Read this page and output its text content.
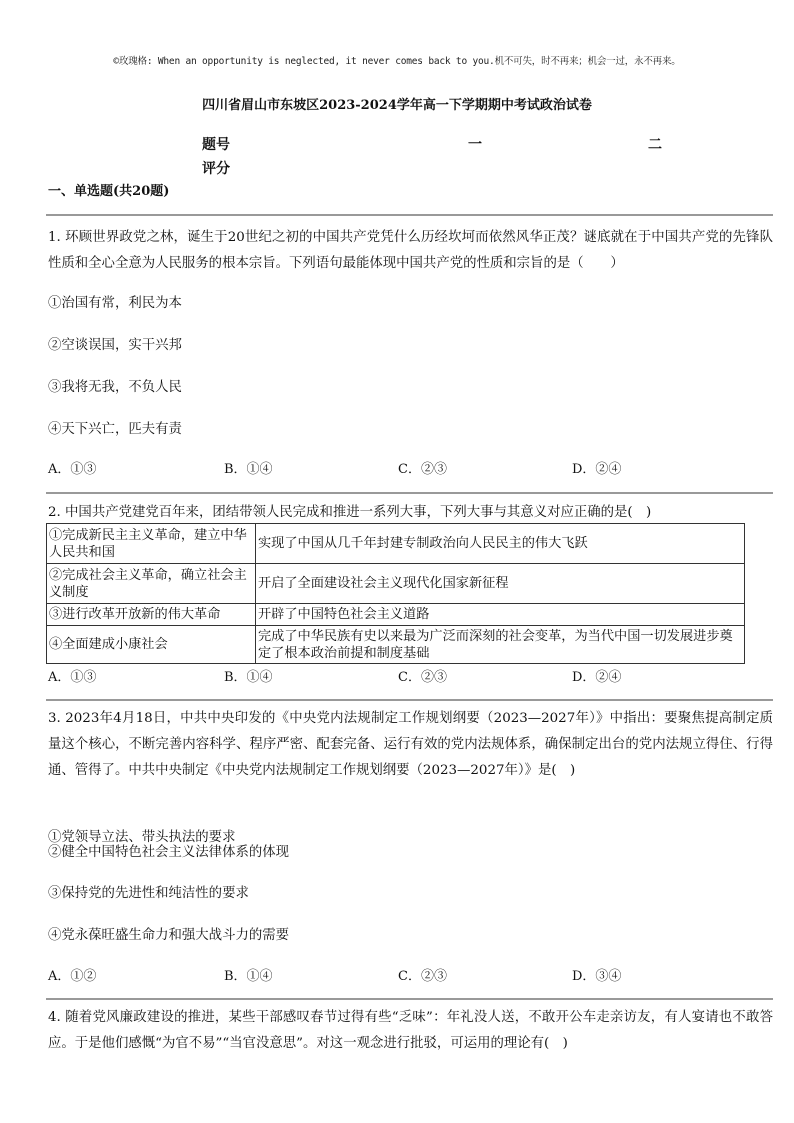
©玫瑰格: When an opportunity is neglected, it never comes back to you.机不可失，时不再来；机会一过，永不再来。
四川省眉山市东坡区2023-2024学年高一下学期期中考试政治试卷
题号	一	二
评分
一、单选题(共20题)
1. 环顾世界政党之林，诞生于20世纪之初的中国共产党凭什么历经坎坷而依然风华正茂？谜底就在于中国共产党的先锋队性质和全心全意为人民服务的根本宗旨。下列语句最能体现中国共产党的性质和宗旨的是（　　）
①治国有常，利民为本
②空谈误国，实干兴邦
③我将无我，不负人民
④天下兴亡，匹夫有责
A．①③	B．①④	C．②③	D．②④
2. 中国共产党建党百年来，团结带领人民完成和推进一系列大事，下列大事与其意义对应正确的是(　)
①完成新民主主义革命，建立中华人民共和国	实现了中国从几千年封建专制政治向人民民主的伟大飞跃
②完成社会主义革命，确立社会主义制度	开启了全面建设社会主义现代化国家新征程
③进行改革开放新的伟大革命	开辟了中国特色社会主义道路
④全面建成小康社会	完成了中华民族有史以来最为广泛而深刻的社会变革，为当代中国一切发展进步奠定了根本政治前提和制度基础
A．①③	B．①④	C．②③	D．②④
3. 2023年4月18日，中共中央印发的《中央党内法规制定工作规划纲要（2023—2027年）》中指出：要聚焦提高制定质量这个核心，不断完善内容科学、程序严密、配套完备、运行有效的党内法规体系，确保制定出台的党内法规立得住、行得通、管得了。中共中央制定《中央党内法规制定工作规划纲要（2023—2027年）》是(　)
①党领导立法、带头执法的要求
②健全中国特色社会主义法律体系的体现
③保持党的先进性和纯洁性的要求
④党永葆旺盛生命力和强大战斗力的需要
A．①②	B．①④	C．②③	D．③④
4. 随着党风廉政建设的推进，某些干部感叹春节过得有些“乏味”：年礼没人送，不敢开公车走亲访友，有人宴请也不敢答应。于是他们感慨“为官不易”“当官没意思”。对这一观念进行批驳，可运用的理论有(　)
